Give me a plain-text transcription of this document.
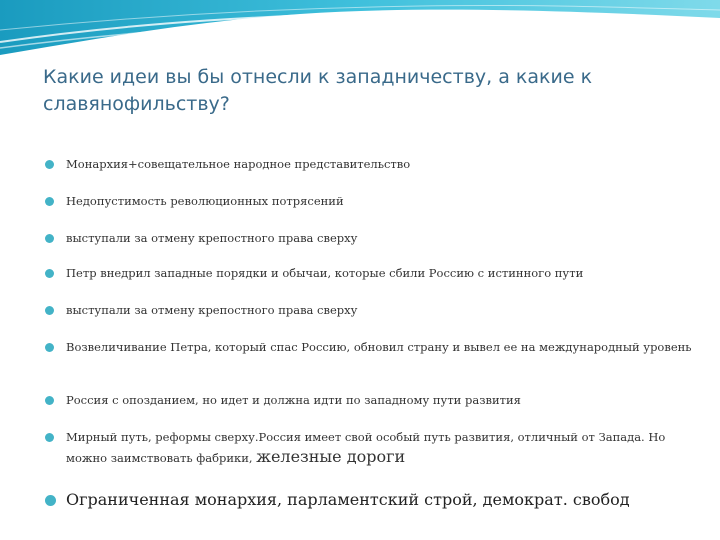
Какие идеи вы бы отнесли к западничеству, а какие к славянофильству?
Монархия+совещательное народное представительство
Недопустимость революционных потрясений
выступали за отмену крепостного права сверху
Петр внедрил западные порядки и обычаи, которые сбили Россию с истинного пути
выступали за отмену крепостного права сверху
Возвеличивание Петра, который спас Россию, обновил страну и вывел ее на международный уровень
Россия с опозданием, но идет и должна идти по западному пути развития
Мирный путь, реформы сверху.Россия имеет свой особый путь развития, отличный от Запада. Но можно заимствовать фабрики, железные дороги
Ограниченная монархия, парламентский строй, демократ. свобод
